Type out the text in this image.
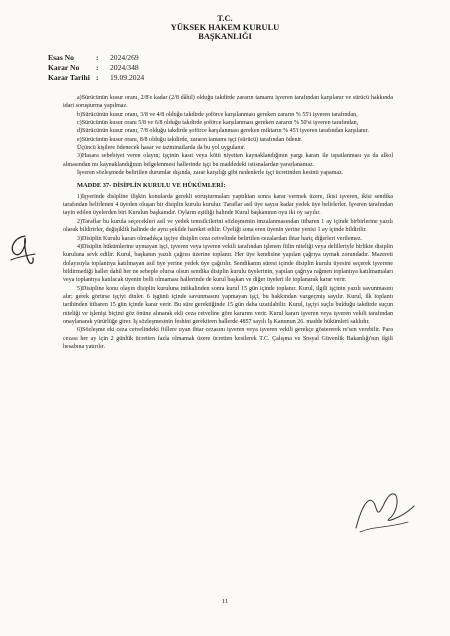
T.C.
YÜKSEK HAKEM KURULU
BAŞKANLIĞI
Esas No	:	2024/269
Karar No	:	2024/348
Karar Tarihi :	19.09.2024

a)Sürücünün kusur oranı, 2/8'e kadar (2/8 dâhil) olduğu takdirde zararın tamamı işveren tarafından karşılanır ve sürücü hakkında idari soruşturma yapılmaz.

b)Sürücünün kusur oranı, 3/8 ve 4/8 olduğu takdirde şoförce karşılanması gereken zararın % 55'i işveren tarafından,

c)Sürücünün kusur oranı 5/8 ve 6/8 olduğu takdirde şoförce karşılanması gereken zararın % 50'si işveren tarafından,

d)Sürücünün kusur oranı, 7/8 olduğu takdirde şoförce karşılanması gereken miktarın % 45'i işveren tarafından karşılanır.

e)Sürücünün kusur oranı, 8/8 olduğu takdirde, zararın tamamı işçi (sürücü) tarafından ödenir.

Üçüncü kişilere ödenecek hasar ve tazminatlarda da bu yol uygulanır.

3)Hasara sebebiyet veren olayın; işçinin kasıt veya kötü niyetten kaynaklandığının yargı kararı ile ispatlanması ya da alkol almasından mı kaynaklandığının belgelenmesi hallerinde işçi bu maddedeki istisnalardan yararlanamaz.

İşveren sözleşmede belirtilen durumlar dışında, zarar karşılığı gibi nedenlerle işçi ücretinden kesinti yapamaz.

MADDE 37- DİSİPLİN KURULU VE HÜKÜMLERİ:

1)İşyerinde disipline ilişkin konularda gerekli soruşturmaları yaptıktan sonra karar vermek üzere, ikisi işveren, ikisi sendika tarafından belirlenen 4 üyeden oluşan bir disiplin kurulu kurulur. Taraflar asil üye sayısı kadar yedek üye belirlerler. İşveren tarafından tayin edilen üyelerden biri Kurulun başkanıdır. Oyların eşitliği halinde Kurul başkanının oyu iki oy sayılır.

2)Taraflar bu kurula seçecekleri asil ve yedek temsilcilerini sözleşmenin imzalanmasından itibaren 1 ay içinde birbirlerine yazılı olarak bildirirler, değişiklik halinde de aynı şekilde hareket edilir. Üyeliği sona eren üyenin yerine yenisi 1 ay içinde bildirilir.

3)Disiplin Kurulu kararı olmadıkça işçiye disiplin ceza cetvelinde belirtilen cezalardan ihtar hariç diğerleri verilemez.

4)Disiplin hükümlerine uymayan işçi, işveren veya işveren vekili tarafından işlenen fiilin niteliği veya delilleriyle birlikte disiplin kuruluna sevk edilir. Kurul, başkanın yazılı çağrısı üzerine toplanır. Her üye kendisine yapılan çağrıya uymak zorundadır. Mazereti dolayısıyla toplantıya katılmayan asil üye yerine yedek üye çağırılır. Sendikanın süresi içinde disiplin kurulu üyesini seçerek işverene bildirmediği haller dahil her ne sebeple olursa olsun sendika disiplin kurulu üyelerinin, yapılan çağrıya rağmen toplantıya katılmamaları veya toplantıya katılacak üyenin belli olmaması hallerinde de kurul başkan ve diğer üyeleri ile toplanarak karar verir.

5)Disipline konu olayın disiplin kuruluna intikalinden sonra kurul 15 gün içinde toplanır. Kurul, ilgili işçinin yazılı savunmasını alır; gerek görürse işçiyi dinler. 6 işgünü içinde savunmasını yapmayan işçi, bu hakkından vazgeçmiş sayılır. Kurul, ilk toplantı tarihinden itibaren 15 gün içinde karar verir. Bu süre gerektiğinde 15 gün daha uzatılabilir. Kurul, işçiyi suçlu bulduğu takdirde suçun niteliği ve işlenişi biçimi göz önüne alınarak ekli ceza cetveline göre kararını verir. Kurul kararı işveren veya işveren vekili tarafından onaylanarak yürürlüğe girer. İş sözleşmesinin feshini gerektiren hallerde 4857 sayılı İş Kanunun 26. madde hükümleri saklıdır.

6)Sözleşme eki ceza cetvelindeki fiillere uyan ihtar cezasını işveren veya işveren vekili gerekçe göstererek re'sen verebilir. Para cezası her ay için 2 günlük ücretten fazla olmamak üzere ücretten kesilerek T.C. Çalışma ve Sosyal Güvenlik Bakanlığı'nın ilgili hesabına yatırılır.

11
